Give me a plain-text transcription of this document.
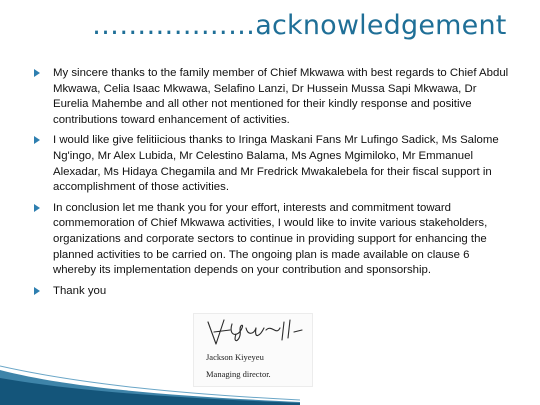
………………acknowledgement
My sincere thanks to the family member of Chief Mkwawa with best regards to Chief Abdul Mkwawa, Celia Isaac Mkwawa, Selafino Lanzi, Dr Hussein Mussa Sapi Mkwawa, Dr Eurelia Mahembe and all other not mentioned for their kindly response and positive contributions toward enhancement of activities.
I would like give felitiicious thanks to Iringa Maskani Fans Mr Lufingo Sadick, Ms Salome Ng'ingo, Mr Alex Lubida, Mr Celestino Balama, Ms Agnes Mgimiloko, Mr Emmanuel Alexadar, Ms Hidaya Chegamila and Mr Fredrick Mwakalebela for their fiscal support in accomplishment of those activities.
In conclusion let me thank you for your effort, interests and commitment toward commemoration of Chief Mkwawa activities, I would like to invite various stakeholders, organizations and corporate sectors to continue in providing support for enhancing the planned activities to be carried on. The ongoing plan is made available on clause 6 whereby its implementation depends on your contribution and sponsorship.
Thank you
Jackson Kiyeyeu
Managing director.
